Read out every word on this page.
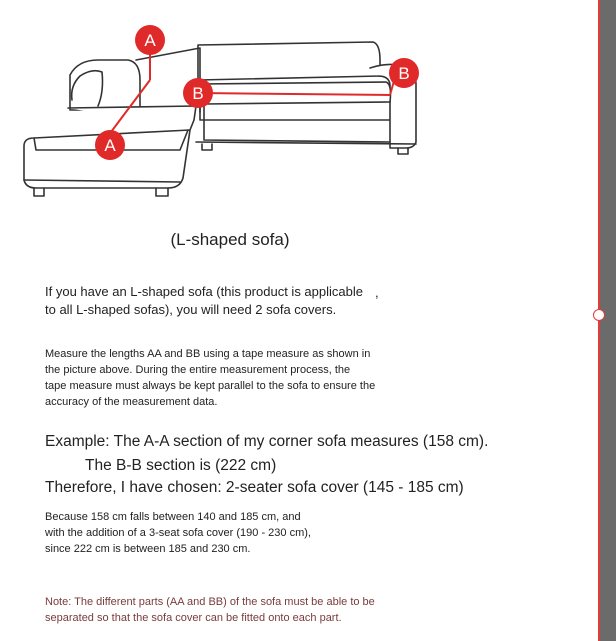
A
A
B
B
(L-shaped sofa)
If you have an L-shaped sofa (this product is applicable
to all L-shaped sofas), you will need 2 sofa covers.
,
Measure the lengths AA and BB using a tape measure as shown in
the picture above. During the entire measurement process, the
tape measure must always be kept parallel to the sofa to ensure the
accuracy of the measurement data.
Example: The A-A section of my corner sofa measures (158 cm).
The B-B section is (222 cm)
Therefore, I have chosen: 2-seater sofa cover (145 - 185 cm)
Because 158 cm falls between 140 and 185 cm, and
with the addition of a 3-seat sofa cover (190 - 230 cm),
since 222 cm is between 185 and 230 cm.
Note: The different parts (AA and BB) of the sofa must be able to be
separated so that the sofa cover can be fitted onto each part.
